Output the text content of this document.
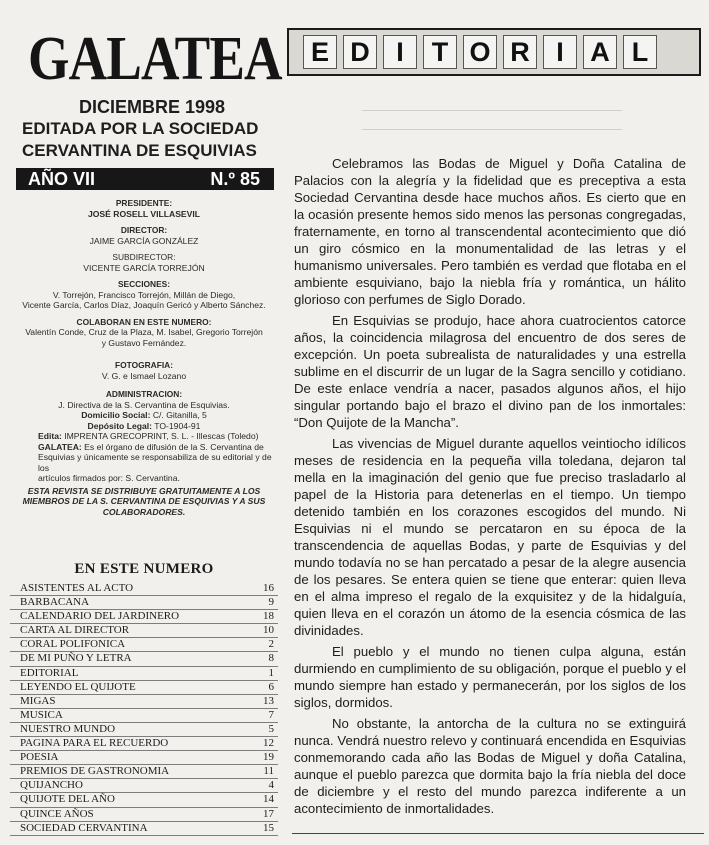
GALATEA
DICIEMBRE 1998
EDITADA POR LA SOCIEDAD
CERVANTINA DE ESQUIVIAS
AÑO VII	N.º 85
PRESIDENTE:
JOSÉ ROSELL VILLASEVIL
DIRECTOR:
JAIME GARCÍA GONZÁLEZ
SUBDIRECTOR:
VICENTE GARCÍA TORREJÓN
SECCIONES:
V. Torrejón, Francisco Torrejón, Millán de Diego,
Vicente García, Carlos Díaz, Joaquín Gericó y Alberto Sánchez.
COLABORAN EN ESTE NUMERO:
Valentín Conde, Cruz de la Plaza, M. Isabel, Gregorio Torrejón
y Gustavo Fernández.
FOTOGRAFIA:
V. G. e Ismael Lozano
ADMINISTRACION:
J. Directiva de la S. Cervantina de Esquivias.
Domicilio Social: C/. Gitanilla, 5
Depósito Legal: TO-1904-91
Edita: IMPRENTA GRECOPRINT, S. L. - Illescas (Toledo)
GALATEA: Es el órgano de difusión de la S. Cervantina de
Esquivias y únicamente se responsabiliza de su editorial y de los
artículos firmados por: S. Cervantina.
ESTA REVISTA SE DISTRIBUYE GRATUITAMENTE A LOS
MIEMBROS DE LA S. CERVANTINA DE ESQUIVIAS Y A SUS
COLABORADORES.
EN ESTE NUMERO
ASISTENTES AL ACTO	16
BARBACANA	9
CALENDARIO DEL JARDINERO	18
CARTA AL DIRECTOR	10
CORAL POLIFONICA	2
DE MI PUÑO Y LETRA	8
EDITORIAL	1
LEYENDO EL QUIJOTE	6
MIGAS	13
MUSICA	7
NUESTRO MUNDO	5
PAGINA PARA EL RECUERDO	12
POESIA	19
PREMIOS DE GASTRONOMIA	11
QUIJANCHO	4
QUIJOTE DEL AÑO	14
QUINCE AÑOS	17
SOCIEDAD CERVANTINA	15
E D I	T O R I A L

Celebramos las Bodas de Miguel y Doña Catalina de Palacios con la alegría y la fidelidad que es preceptiva a esta Sociedad Cervantina desde hace muchos años. Es cierto que en la ocasión presente hemos sido menos las personas congregadas, fraternamente, en torno al transcendental acontecimiento que dió un giro cósmico en la monumentalidad de las letras y el humanismo universales. Pero también es verdad que flotaba en el ambiente esquiviano, bajo la niebla fría y romántica, un hálito glorioso con perfumes de Siglo Dorado.

En Esquivias se produjo, hace ahora cuatrocientos catorce años, la coincidencia milagrosa del encuentro de dos seres de excepción. Un poeta subrealista de naturalidades y una estrella sublime en el discurrir de un lugar de la Sagra sencillo y cotidiano. De este enlace vendría a nacer, pasados algunos años, el hijo singular portando bajo el brazo el divino pan de los inmortales: “Don Quijote de la Mancha”.

Las vivencias de Miguel durante aquellos veintiocho idílicos meses de residencia en la pequeña villa toledana, dejaron tal mella en la imaginación del genio que fue preciso trasladarlo al papel de la Historia para detenerlas en el tiempo. Un tiempo detenido también en los corazones escogidos del mundo. Ni Esquivias ni el mundo se percataron en su época de la transcendencia de aquellas Bodas, y parte de Esquivias y del mundo todavía no se han percatado a pesar de la alegre ausencia de los pesares. Se entera quien se tiene que enterar: quien lleva en el alma impreso el regalo de la exquisitez y de la hidalguía, quien lleva en el corazón un átomo de la esencia cósmica de las divinidades.

El pueblo y el mundo no tienen culpa alguna, están durmiendo en cumplimiento de su obligación, porque el pueblo y el mundo siempre han estado y permanecerán, por los siglos de los siglos, dormidos.

No obstante, la antorcha de la cultura no se extinguirá nunca. Vendrá nuestro relevo y continuará encendida en Esquivias conmemorando cada año las Bodas de Miguel y doña Catalina, aunque el pueblo parezca que dormita bajo la fría niebla del doce de diciembre y el resto del mundo parezca indiferente a un acontecimiento de inmortalidades.
